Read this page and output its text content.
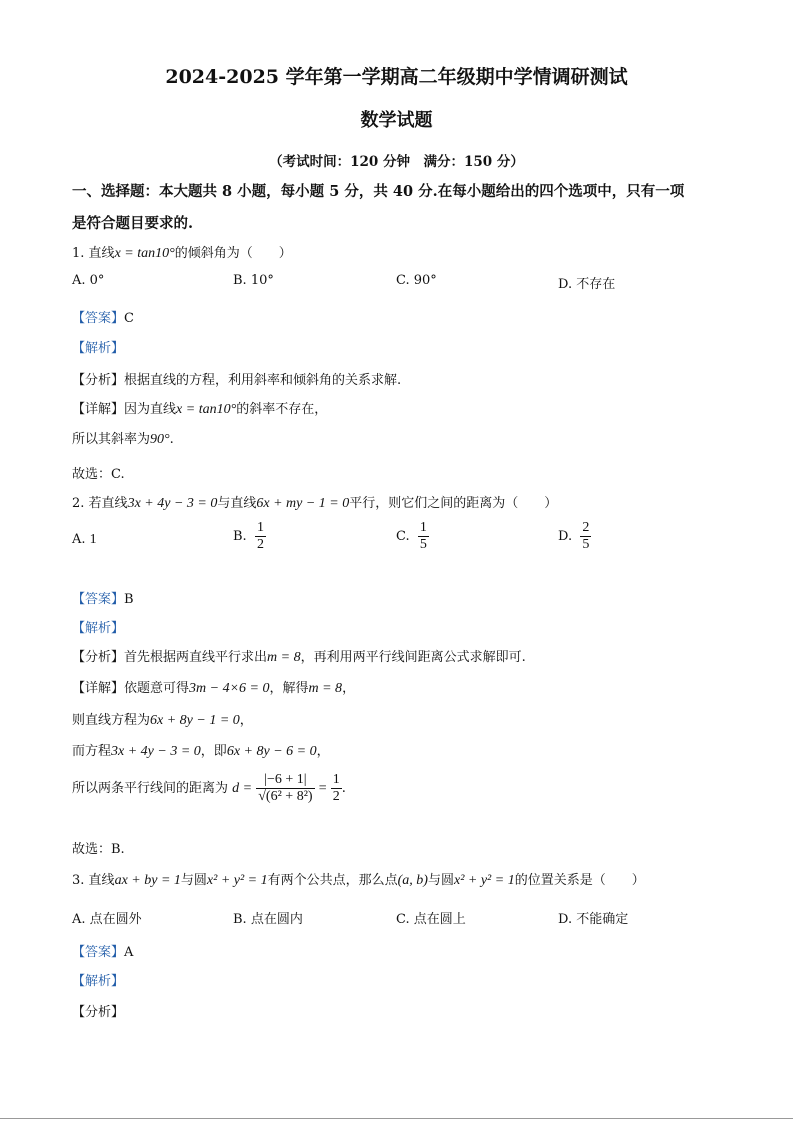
2024-2025 学年第一学期高二年级期中学情调研测试
数学试题
（考试时间：120 分钟　满分：150 分）
一、选择题：本大题共 8 小题，每小题 5 分，共 40 分.在每小题给出的四个选项中，只有一项
是符合题目要求的.
1. 直线x = tan10°的倾斜角为（　　）
A. 0°	B. 10°	C. 90°	D. 不存在
【答案】C
【解析】
【分析】根据直线的方程，利用斜率和倾斜角的关系求解.
【详解】因为直线x = tan10°的斜率不存在，
所以其斜率为90°.
故选：C.
2. 若直线3x + 4y − 3 = 0与直线6x + my − 1 = 0平行，则它们之间的距离为（　　）
A. 1	B. $\frac{1}{2}$	C. $\frac{1}{5}$	D. $\frac{2}{5}$
【答案】B
【解析】
【分析】首先根据两直线平行求出m = 8，再利用两平行线间距离公式求解即可.
【详解】依题意可得3m − 4×6 = 0，解得m = 8，
则直线方程为6x + 8y − 1 = 0，
而方程3x + 4y − 3 = 0，即6x + 8y − 6 = 0，
所以两条平行线间的距离为 $d = \frac{|-6 + 1|}{\text{√(6² + 8²)}} = \frac{1}{2}$ .
故选：B.
3. 直线ax + by = 1与圆x² + y² = 1有两个公共点，那么点(a, b)与圆x² + y² = 1的位置关系是（　　）
A. 点在圆外	B. 点在圆内	C. 点在圆上	D. 不能确定
【答案】A
【解析】
【分析】
